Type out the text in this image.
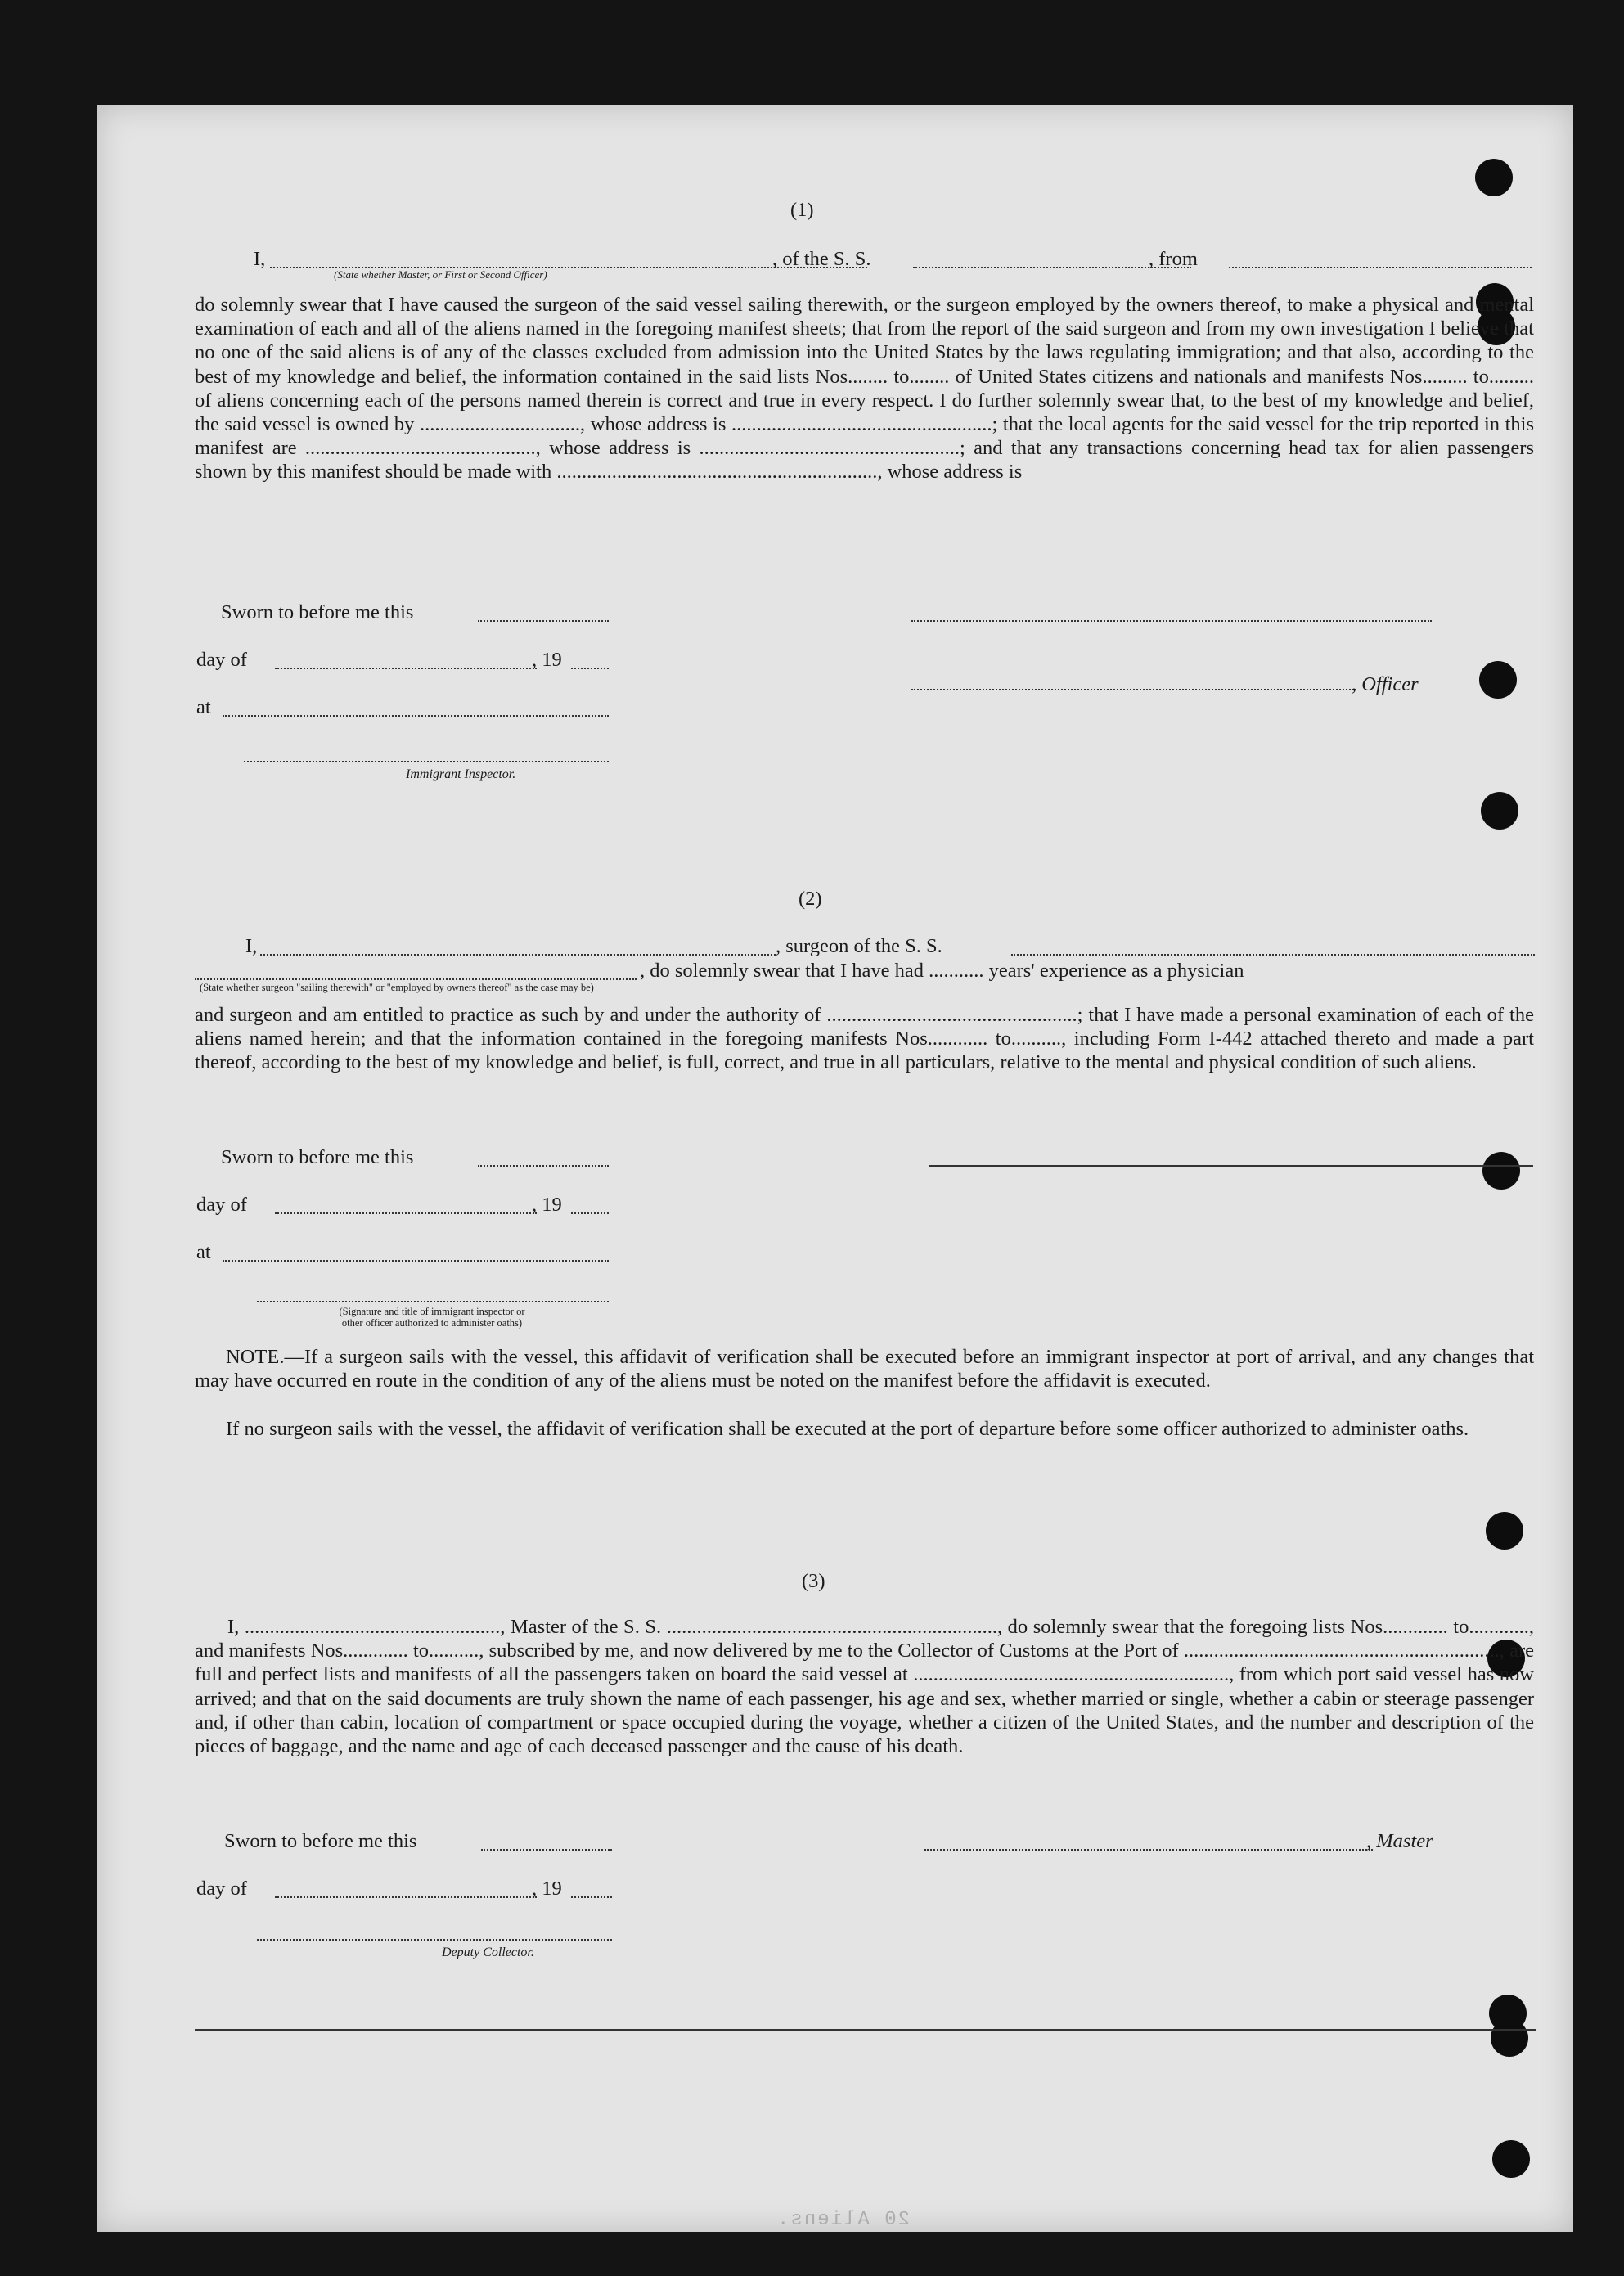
(1)
I,
(State whether Master, or First or Second Officer)
, of the S. S.	, from
do solemnly swear that I have caused the surgeon of the said vessel sailing therewith, or the surgeon employed by the owners thereof, to make a physical and mental examination of each and all of the aliens named in the foregoing manifest sheets; that from the report of the said surgeon and from my own investigation I believe that no one of the said aliens is of any of the classes excluded from admission into the United States by the laws regulating immigration; and that also, according to the best of my knowledge and belief, the information contained in the said lists Nos........ to........ of United States citizens and nationals and manifests Nos......... to......... of aliens concerning each of the persons named therein is correct and true in every respect. I do further solemnly swear that, to the best of my knowledge and belief, the said vessel is owned by ................................, whose address is ....................................................; that the local agents for the said vessel for the trip reported in this manifest are .............................................., whose address is ....................................................; and that any transactions concerning head tax for alien passengers shown by this manifest should be made with ................................................................, whose address is
Sworn to before me this
day of	, 19
at
Immigrant Inspector.
, Officer
(2)
I,	, surgeon of the S. S.
, do solemnly swear that I have had ........... years' experience as a physician
(State whether surgeon "sailing therewith" or "employed by owners thereof" as the case may be)
and surgeon and am entitled to practice as such by and under the authority of ..................................................; that I have made a personal examination of each of the aliens named herein; and that the information contained in the foregoing manifests Nos............ to.........., including Form I-442 attached thereto and made a part thereof, according to the best of my knowledge and belief, is full, correct, and true in all particulars, relative to the mental and physical condition of such aliens.
Sworn to before me this
day of	, 19
at
(Signature and title of immigrant inspector or
other officer authorized to administer oaths)
NOTE.—If a surgeon sails with the vessel, this affidavit of verification shall be executed before an immigrant inspector at port of arrival, and any changes that may have occurred en route in the condition of any of the aliens must be noted on the manifest before the affidavit is executed.
If no surgeon sails with the vessel, the affidavit of verification shall be executed at the port of departure before some officer authorized to administer oaths.
(3)
I, ..................................................., Master of the S. S. .................................................................., do solemnly swear that the foregoing lists Nos............. to............, and manifests Nos............. to.........., subscribed by me, and now delivered by me to the Collector of Customs at the Port of ..............................................................., are full and perfect lists and manifests of all the passengers taken on board the said vessel at ..............................................................., from which port said vessel has now arrived; and that on the said documents are truly shown the name of each passenger, his age and sex, whether married or single, whether a cabin or steerage passenger and, if other than cabin, location of compartment or space occupied during the voyage, whether a citizen of the United States, and the number and description of the pieces of baggage, and the name and age of each deceased passenger and the cause of his death.
Sworn to before me this	, Master
day of	, 19
Deputy Collector.
20 Aliens.
